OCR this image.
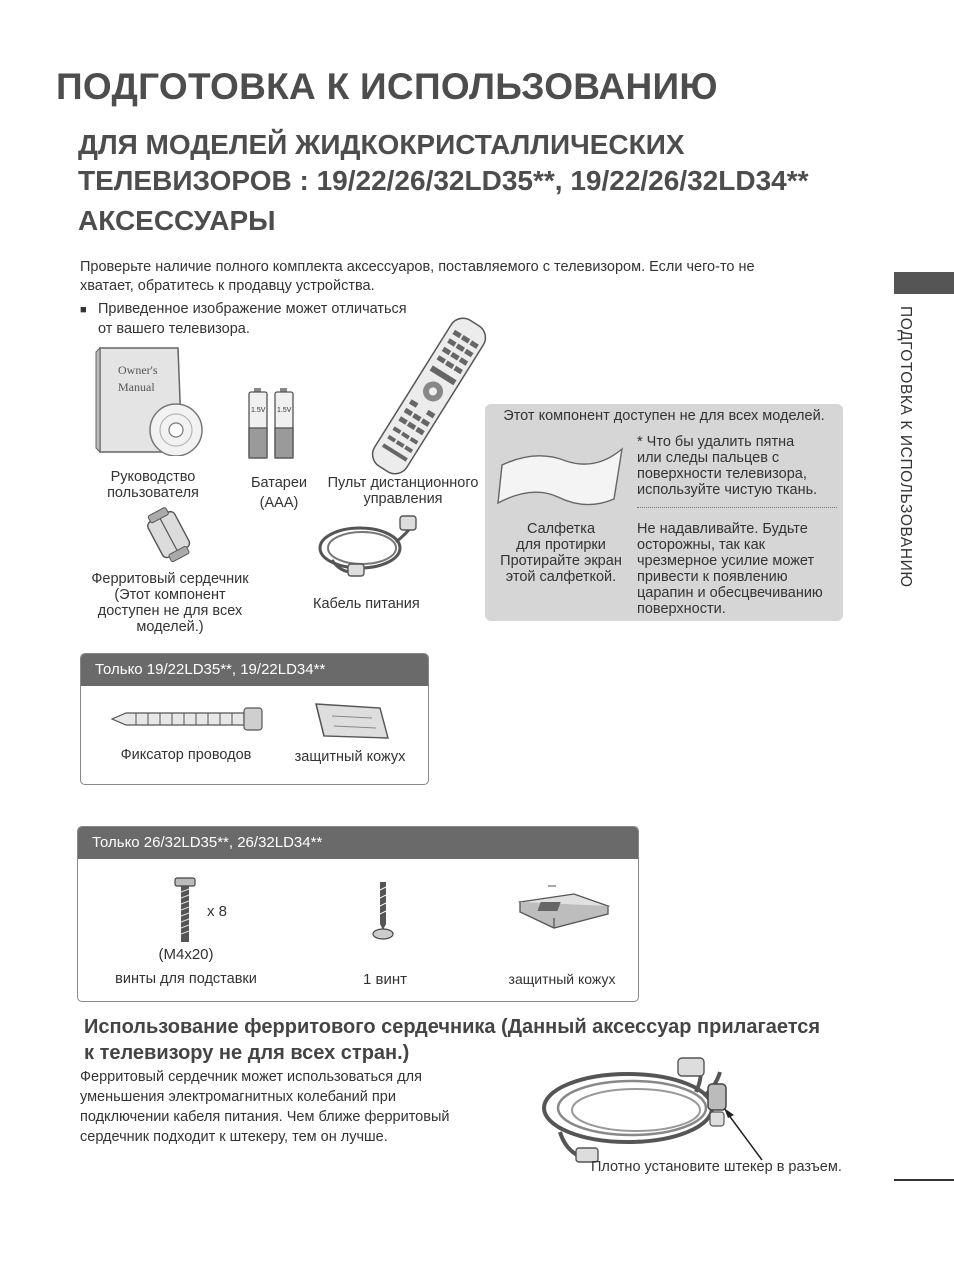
ПОДГОТОВКА К ИСПОЛЬЗОВАНИЮ
ДЛЯ МОДЕЛЕЙ ЖИДКОКРИСТАЛЛИЧЕСКИХ
ТЕЛЕВИЗОРОВ : 19/22/26/32LD35**, 19/22/26/32LD34**
АКСЕССУАРЫ
ПОДГОТОВКА К ИСПОЛЬЗОВАНИЮ
Проверьте наличие полного комплекта аксессуаров, поставляемого с телевизором. Если чего-то не
хватает, обратитесь к продавцу устройства.
■ Приведенное изображение может отличаться
от вашего телевизора.
Owner's
Manual
Руководство
пользователя
1.5V 1.5V
Батареи
(AAA)
Пульт дистанционного
управления
Ферритовый сердечник
(Этот компонент
доступен не для всех
моделей.)
Кабель питания
Этот компонент доступен не для всех моделей.
Салфетка
для протирки
Протирайте экран
этой салфеткой.
* Что бы удалить пятна
или следы пальцев с
поверхности телевизора,
используйте чистую ткань.
Не надавливайте. Будьте
осторожны, так как
чрезмерное усилие может
привести к появлению
царапин и обесцвечиванию
поверхности.
Только 19/22LD35**, 19/22LD34**
Фиксатор проводов	защитный кожух
Только 26/32LD35**, 26/32LD34**
x 8
(M4x20)
винты для подставки	1 винт	защитный кожух
Использование ферритового сердечника (Данный аксессуар прилагается
к телевизору не для всех стран.)
Ферритовый сердечник может использоваться для
уменьшения электромагнитных колебаний при
подключении кабеля питания. Чем ближе ферритовый
сердечник подходит к штекеру, тем он лучше.
Плотно установите штекер в разъем.
